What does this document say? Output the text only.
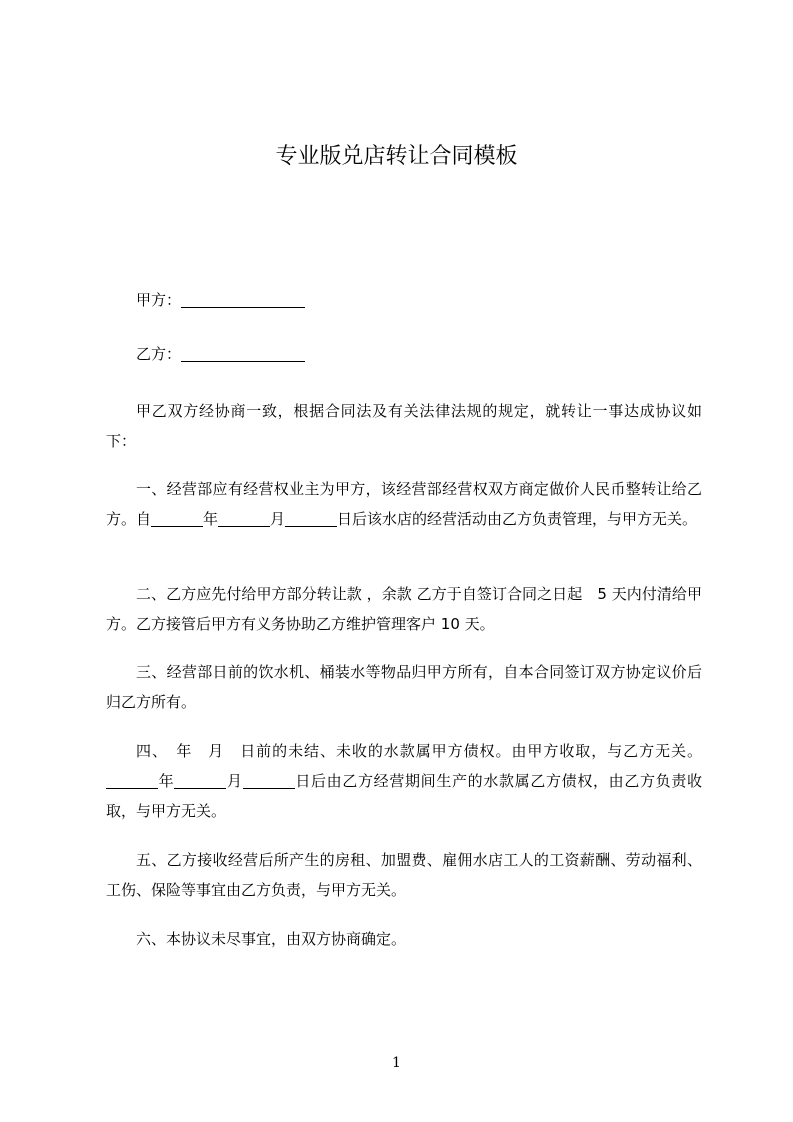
专业版兑店转让合同模板
甲方：
乙方：
甲乙双方经协商一致，根据合同法及有关法律法规的规定，就转让一事达成协议如下：
一、经营部应有经营权业主为甲方，该经营部经营权双方商定做价人民币整转让给乙方。自	年	月	日后该水店的经营活动由乙方负责管理，与甲方无关。
二、乙方应先付给甲方部分转让款 ，余款 乙方于自签订合同之日起　5 天内付清给甲方。乙方接管后甲方有义务协助乙方维护管理客户 10 天。
三、经营部日前的饮水机、桶装水等物品归甲方所有，自本合同签订双方协定议价后归乙方所有。
四、　年　月　日前的未结、未收的水款属甲方债权。由甲方收取，与乙方无关。年	月	日后由乙方经营期间生产的水款属乙方债权，由乙方负责收取，与甲方无关。
五、乙方接收经营后所产生的房租、加盟费、雇佣水店工人的工资薪酬、劳动福利、工伤、保险等事宜由乙方负责，与甲方无关。
六、本协议未尽事宜，由双方协商确定。
1
